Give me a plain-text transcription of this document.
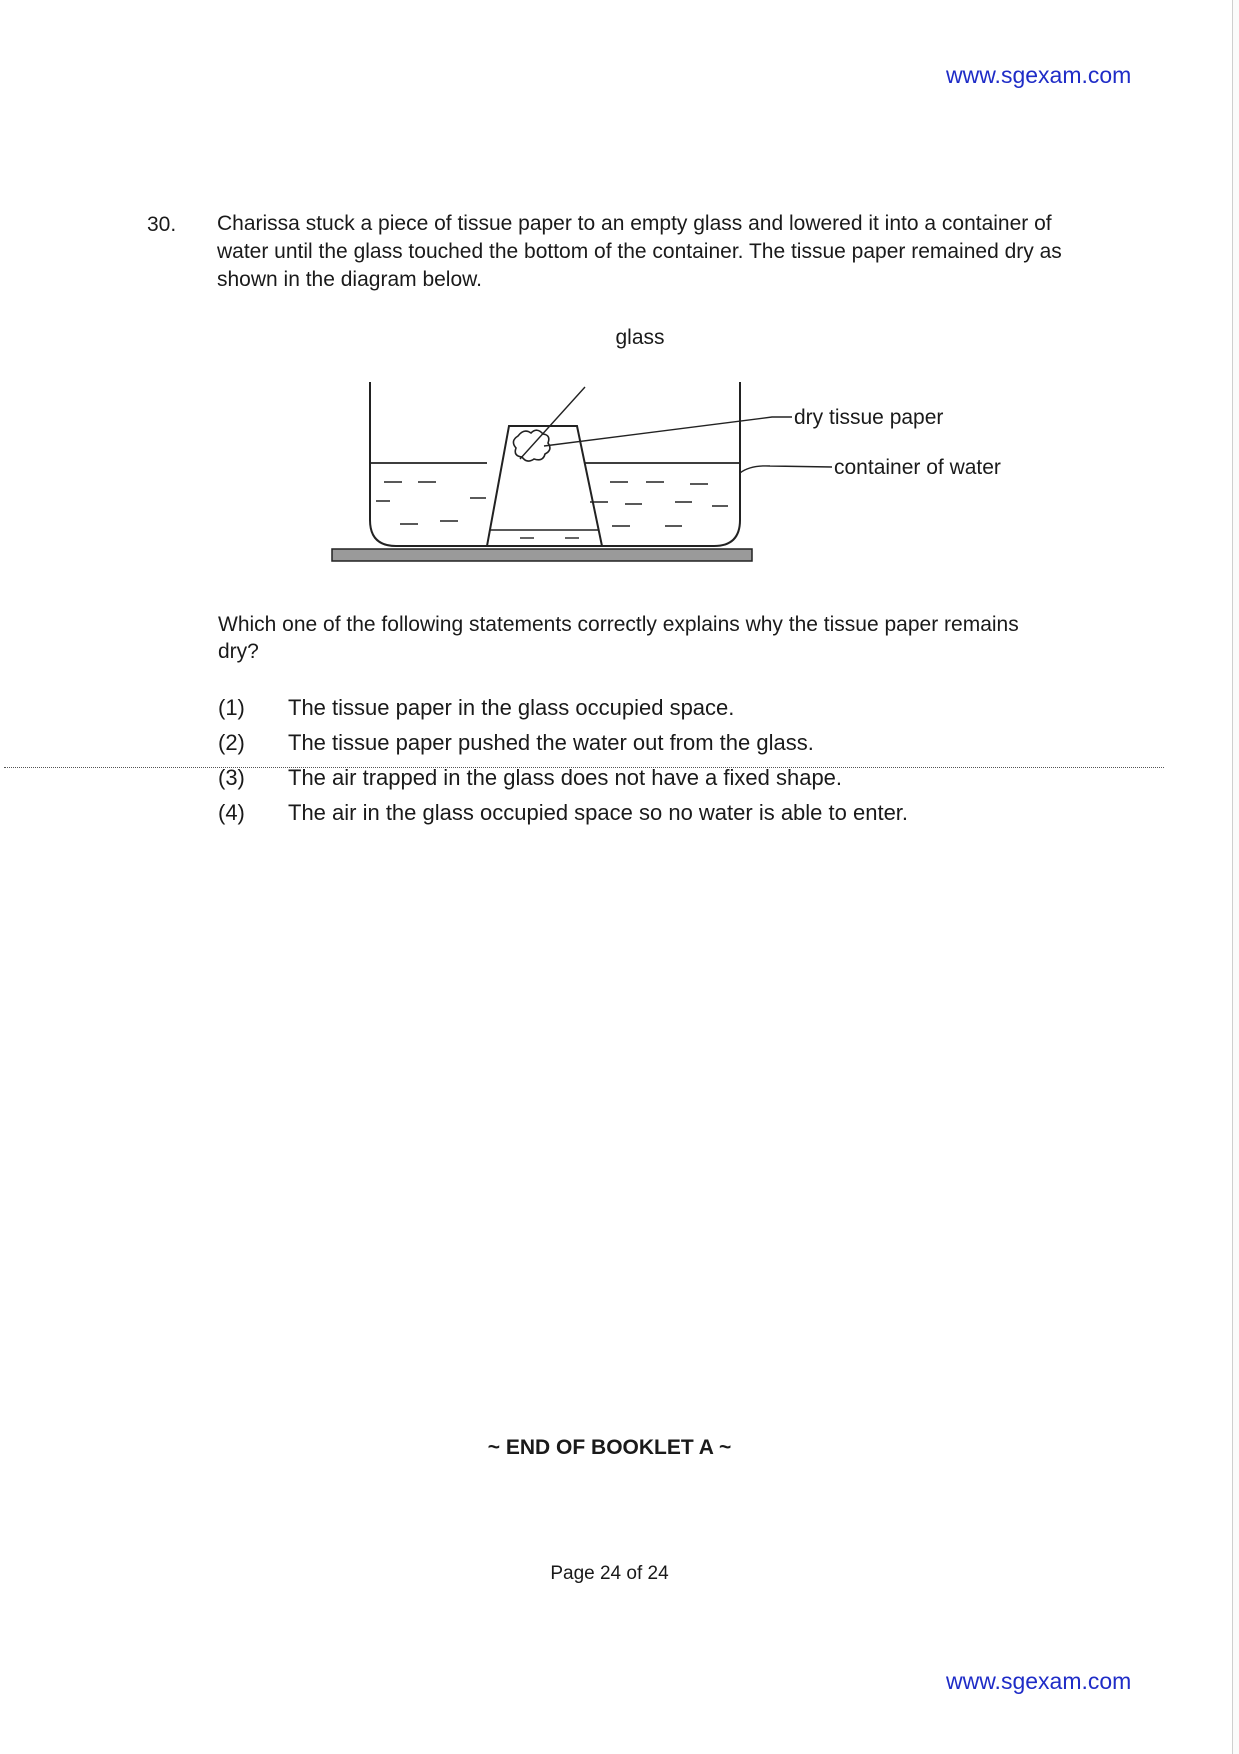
www.sgexam.com
30. Charissa stuck a piece of tissue paper to an empty glass and lowered it into a container of water until the glass touched the bottom of the container. The tissue paper remained dry as shown in the diagram below.
glass
dry tissue paper
container of water
Which one of the following statements correctly explains why the tissue paper remains dry?
(1)	The tissue paper in the glass occupied space.
(2)	The tissue paper pushed the water out from the glass.
(3)	The air trapped in the glass does not have a fixed shape.
(4)	The air in the glass occupied space so no water is able to enter.
~ END OF BOOKLET A ~
Page 24 of 24
www.sgexam.com
